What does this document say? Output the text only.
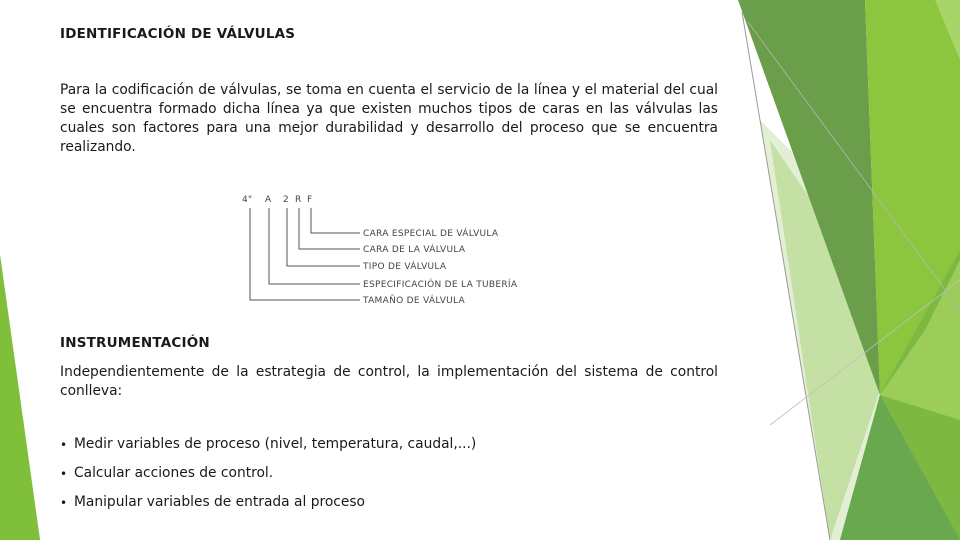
IDENTIFICACIÓN DE VÁLVULAS

Para la codificación de válvulas, se toma en cuenta el servicio de la línea y el material del cual se encuentra formado dicha línea ya que existen muchos tipos de caras en las válvulas las cuales son factores para una mejor durabilidad y desarrollo del proceso que se encuentra realizando.

4" A 2 R F
CARA ESPECIAL DE VÁLVULA
CARA DE LA VÁLVULA
TIPO DE VÁLVULA
ESPECIFICACIÓN DE LA TUBERÍA
TAMAÑO DE VÁLVULA
INSTRUMENTACIÓN

Independientemente de la estrategia de control, la implementación del sistema de control conlleva:

• Medir variables de proceso (nivel, temperatura, caudal,...)
• Calcular acciones de control.
• Manipular variables de entrada al proceso
